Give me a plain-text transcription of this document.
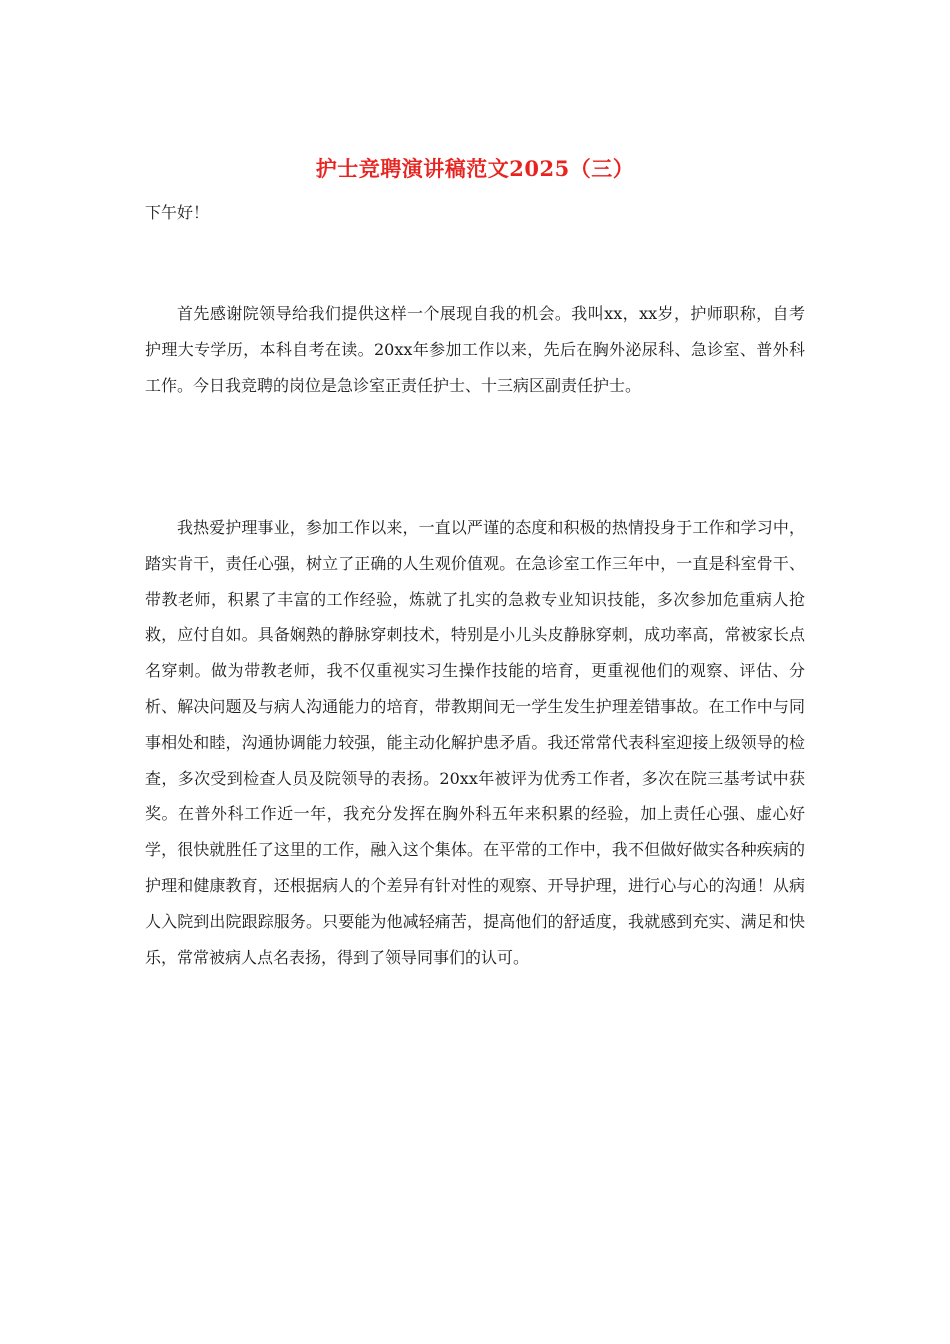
护士竞聘演讲稿范文2025（三）
下午好！

首先感谢院领导给我们提供这样一个展现自我的机会。我叫xx，xx岁，护师职称，自考护理大专学历，本科自考在读。20xx年参加工作以来，先后在胸外泌尿科、急诊室、普外科工作。今日我竞聘的岗位是急诊室正责任护士、十三病区副责任护士。

我热爱护理事业，参加工作以来，一直以严谨的态度和积极的热情投身于工作和学习中，踏实肯干，责任心强，树立了正确的人生观价值观。在急诊室工作三年中，一直是科室骨干、带教老师，积累了丰富的工作经验，炼就了扎实的急救专业知识技能，多次参加危重病人抢救，应付自如。具备娴熟的静脉穿刺技术，特别是小儿头皮静脉穿刺，成功率高，常被家长点名穿刺。做为带教老师，我不仅重视实习生操作技能的培育，更重视他们的观察、评估、分析、解决问题及与病人沟通能力的培育，带教期间无一学生发生护理差错事故。在工作中与同事相处和睦，沟通协调能力较强，能主动化解护患矛盾。我还常常代表科室迎接上级领导的检查，多次受到检查人员及院领导的表扬。20xx年被评为优秀工作者，多次在院三基考试中获奖。在普外科工作近一年，我充分发挥在胸外科五年来积累的经验，加上责任心强、虚心好学，很快就胜任了这里的工作，融入这个集体。在平常的工作中，我不但做好做实各种疾病的护理和健康教育，还根据病人的个差异有针对性的观察、开导护理，进行心与心的沟通！从病人入院到出院跟踪服务。只要能为他减轻痛苦，提高他们的舒适度，我就感到充实、满足和快乐，常常被病人点名表扬，得到了领导同事们的认可。
